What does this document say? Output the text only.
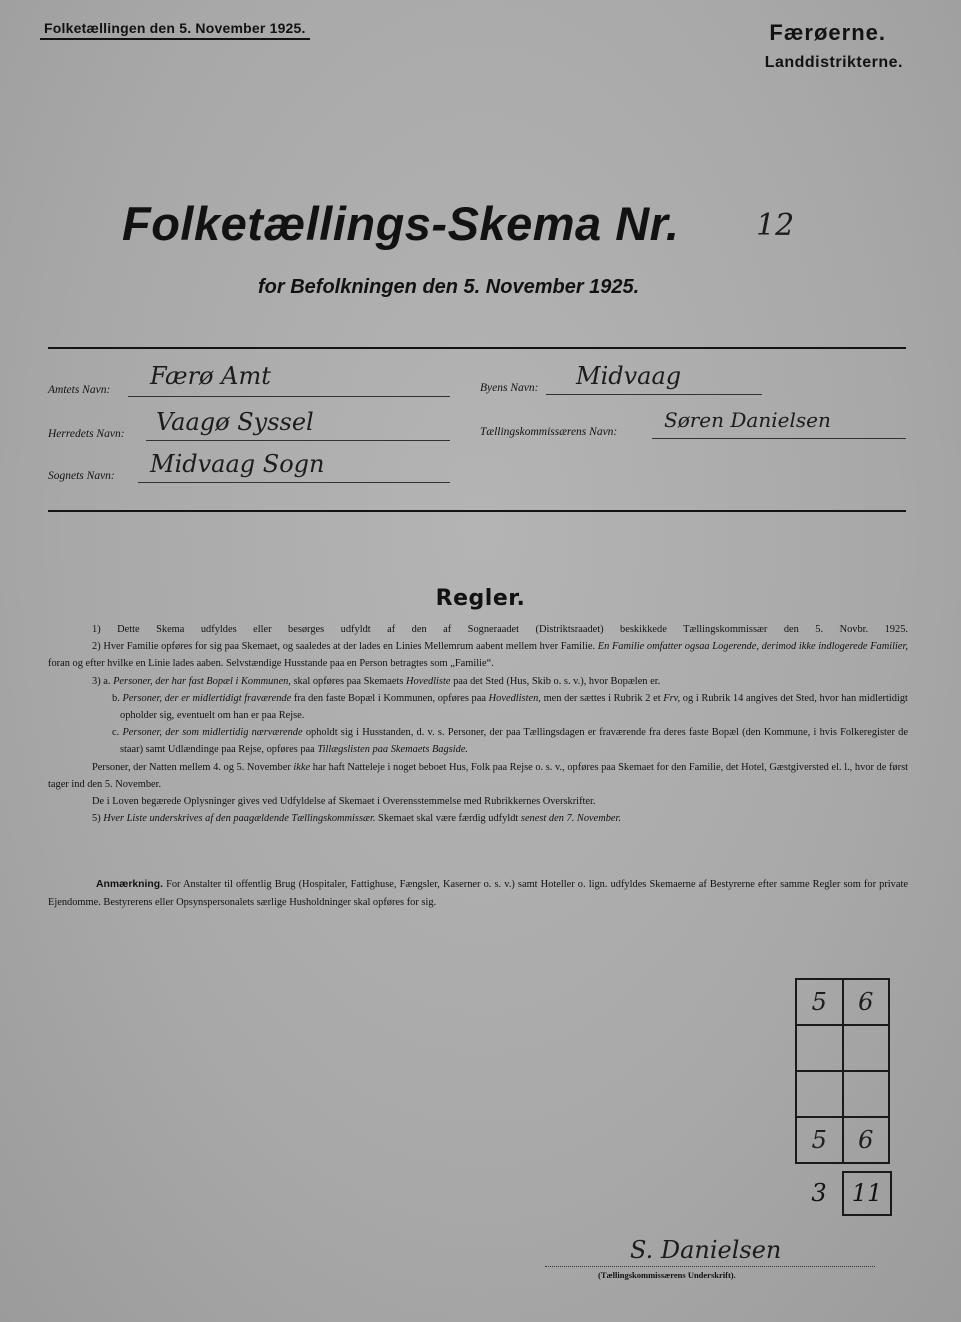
Folketællingen den 5. November 1925.	Færøerne.
Landdistrikterne.
Folketællings-Skema Nr.	12
for Befolkningen den 5. November 1925.
Amtets Navn: Færø Amt
Herredets Navn: Vaagø Syssel
Sognets Navn: Midvaag Sogn
Byens Navn: Midvaag
Tællingskommissærens Navn: Søren Danielsen
Regler.

1) Dette Skema udfyldes eller besørges udfyldt af den af Sogneraadet (Distriktsraadet) beskikkede Tællingskommissær den 5. Novbr. 1925.

2) Hver Familie opføres for sig paa Skemaet, og saaledes at der lades en Linies Mellemrum aabent mellem hver Familie. En Familie omfatter ogsaa Logerende, derimod ikke indlogerede Familier, foran og efter hvilke en Linie lades aaben. Selvstændige Husstande paa en Person betragtes som „Familie“.

3) a. Personer, der har fast Bopæl i Kommunen, skal opføres paa Skemaets Hovedliste paa det Sted (Hus, Skib o. s. v.), hvor Bopælen er.

b. Personer, der er midlertidigt fraværende fra den faste Bopæl i Kommunen, opføres paa Hovedlisten, men der sættes i Rubrik 2 et Frv, og i Rubrik 14 angives det Sted, hvor han midlertidigt opholder sig, eventuelt om han er paa Rejse.

c. Personer, der som midlertidig nærværende opholdt sig i Husstanden, d. v. s. Personer, der paa Tællingsdagen er fraværende fra deres faste Bopæl (den Kommune, i hvis Folkeregister de staar) samt Udlændinge paa Rejse, opføres paa Tillægslisten paa Skemaets Bagside.

Personer, der Natten mellem 4. og 5. November ikke har haft Natteleje i noget beboet Hus, Folk paa Rejse o. s. v., opføres paa Skemaet for den Familie, det Hotel, Gæstgiversted el. l., hvor de først tager ind den 5. November.

De i Loven begærede Oplysninger gives ved Udfyldelse af Skemaet i Overensstemmelse med Rubrikkernes Overskrifter.

5) Hver Liste underskrives af den paagældende Tællingskommissær. Skemaet skal være færdig udfyldt senest den 7. November.

Anmærkning. For Anstalter til offentlig Brug (Hospitaler, Fattighuse, Fængsler, Kaserner o. s. v.) samt Hoteller o. lign. udfyldes Skemaerne af Bestyrerne efter samme Regler som for private Ejendomme. Bestyrerens eller Opsynspersonalets særlige Husholdninger skal opføres for sig.

5	6

5	6
3	11
S. Danielsen
(Tællingskommissærens Underskrift).
